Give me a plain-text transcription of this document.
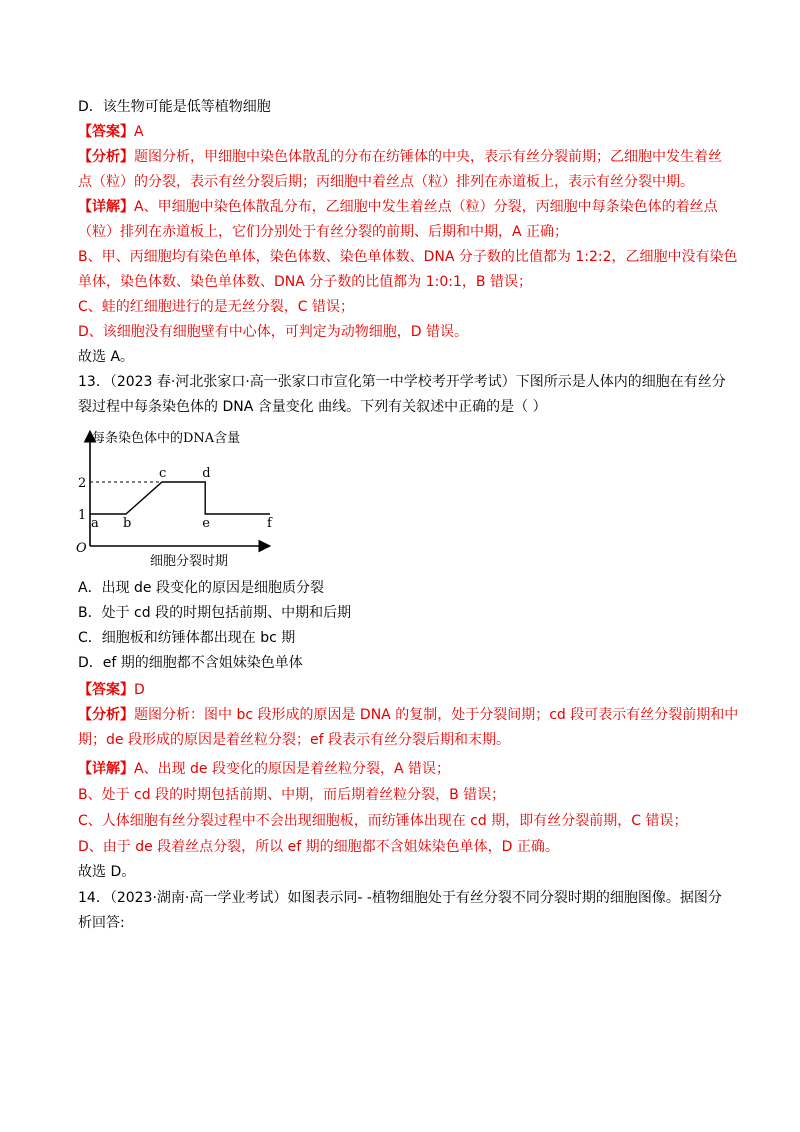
D．该生物可能是低等植物细胞
【答案】A
【分析】题图分析，甲细胞中染色体散乱的分布在纺锤体的中央，表示有丝分裂前期；乙细胞中发生着丝
点（粒）的分裂，表示有丝分裂后期；丙细胞中着丝点（粒）排列在赤道板上，表示有丝分裂中期。
【详解】A、甲细胞中染色体散乱分布，乙细胞中发生着丝点（粒）分裂，丙细胞中每条染色体的着丝点
（粒）排列在赤道板上，它们分别处于有丝分裂的前期、后期和中期，A 正确；
B、甲、丙细胞均有染色单体，染色体数、染色单体数、DNA 分子数的比值都为 1:2:2，乙细胞中没有染色
单体，染色体数、染色单体数、DNA 分子数的比值都为 1:0:1，B 错误；
C、蛙的红细胞进行的是无丝分裂，C 错误；
D、该细胞没有细胞壁有中心体，可判定为动物细胞，D 错误。
故选 A。
13．（2023 春·河北张家口·高一张家口市宣化第一中学校考开学考试）下图所示是人体内的细胞在有丝分
裂过程中每条染色体的 DNA 含量变化 曲线。下列有关叙述中正确的是（ ）
O
每条染色体中的DNA含量
细胞分裂时期
1
2
a b
c	d
e	f
A．出现 de 段变化的原因是细胞质分裂
B．处于 cd 段的时期包括前期、中期和后期
C．细胞板和纺锤体都出现在 bc 期
D．ef 期的细胞都不含姐妹染色单体
【答案】D
【分析】题图分析：图中 bc 段形成的原因是 DNA 的复制，处于分裂间期；cd 段可表示有丝分裂前期和中
期；de 段形成的原因是着丝粒分裂；ef 段表示有丝分裂后期和末期。
【详解】A、出现 de 段变化的原因是着丝粒分裂，A 错误；
B、处于 cd 段的时期包括前期、中期，而后期着丝粒分裂，B 错误；
C、人体细胞有丝分裂过程中不会出现细胞板，而纺锤体出现在 cd 期，即有丝分裂前期，C 错误；
D、由于 de 段着丝点分裂，所以 ef 期的细胞都不含姐妹染色单体，D 正确。
故选 D。
14．（2023·湖南·高一学业考试）如图表示同- -植物细胞处于有丝分裂不同分裂时期的细胞图像。据图分
析回答:
